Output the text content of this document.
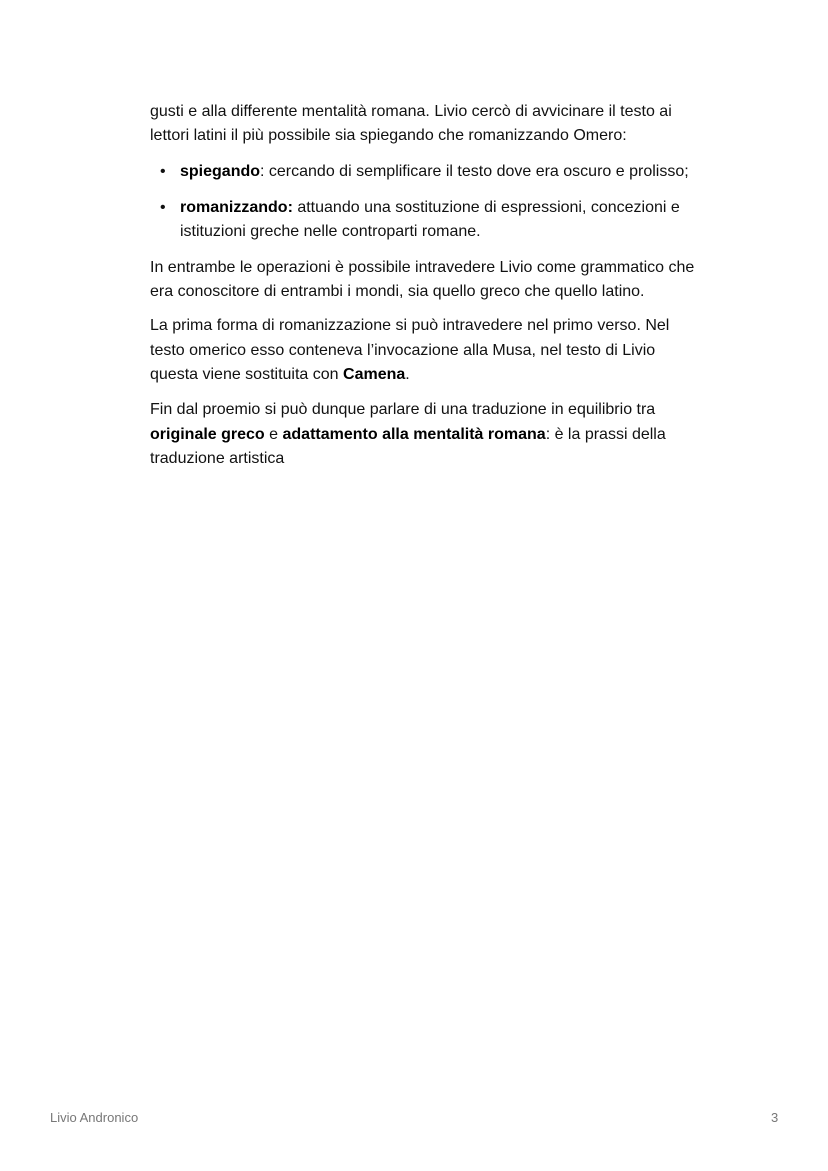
gusti e alla differente mentalità romana. Livio cercò di avvicinare il testo ai
lettori latini il più possibile sia spiegando che romanizzando Omero:
• spiegando: cercando di semplificare il testo dove era oscuro e prolisso;
• romanizzando: attuando una sostituzione di espressioni, concezioni e
istituzioni greche nelle controparti romane.
In entrambe le operazioni è possibile intravedere Livio come grammatico che
era conoscitore di entrambi i mondi, sia quello greco che quello latino.
La prima forma di romanizzazione si può intravedere nel primo verso. Nel
testo omerico esso conteneva l’invocazione alla Musa, nel testo di Livio
questa viene sostituita con Camena.
Fin dal proemio si può dunque parlare di una traduzione in equilibrio tra
originale greco e adattamento alla mentalità romana: è la prassi della
traduzione artistica
Livio Andronico	3
